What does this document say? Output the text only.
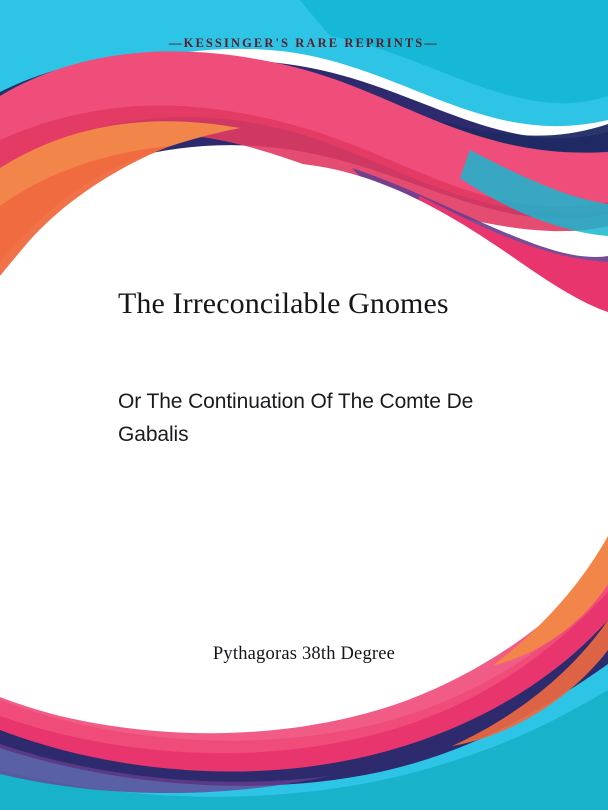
—KESSINGER'S RARE REPRINTS—
The Irreconcilable Gnomes
Or The Continuation Of The Comte De Gabalis
Pythagoras 38th Degree
